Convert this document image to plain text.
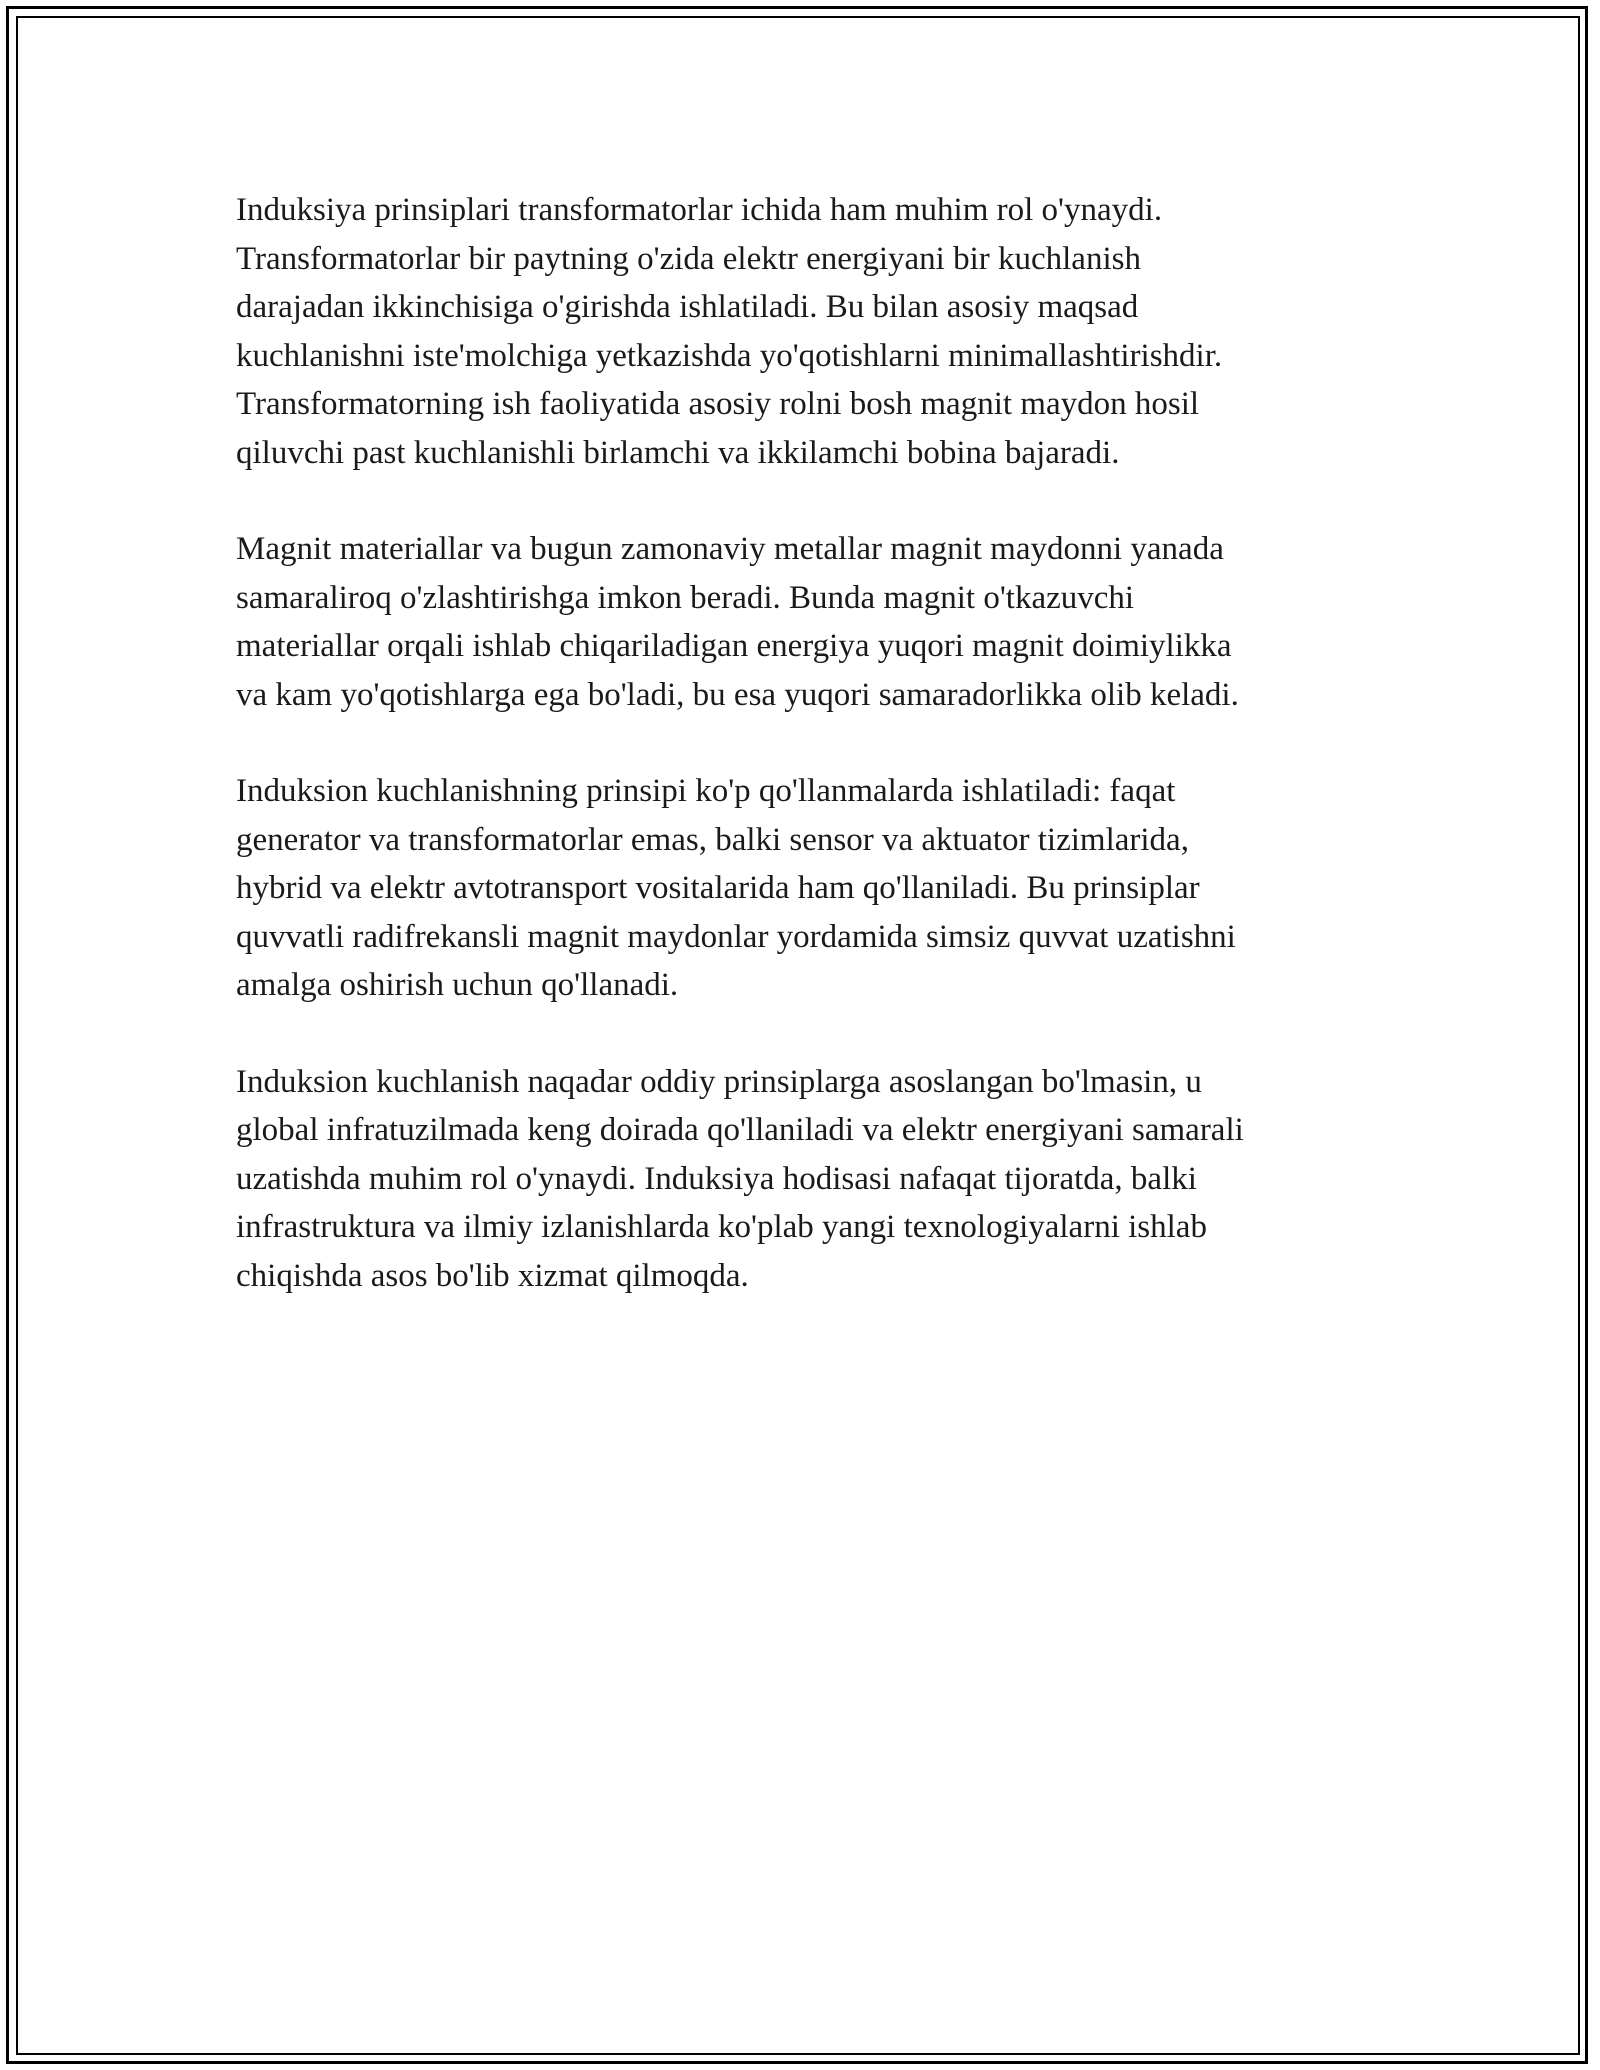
Induksiya prinsiplari transformatorlar ichida ham muhim rol o'ynaydi.
Transformatorlar bir paytning o'zida elektr energiyani bir kuchlanish
darajadan ikkinchisiga o'girishda ishlatiladi. Bu bilan asosiy maqsad
kuchlanishni iste'molchiga yetkazishda yo'qotishlarni minimallashtirishdir.
Transformatorning ish faoliyatida asosiy rolni bosh magnit maydon hosil
qiluvchi past kuchlanishli birlamchi va ikkilamchi bobina bajaradi.

Magnit materiallar va bugun zamonaviy metallar magnit maydonni yanada
samaraliroq o'zlashtirishga imkon beradi. Bunda magnit o'tkazuvchi
materiallar orqali ishlab chiqariladigan energiya yuqori magnit doimiylikka
va kam yo'qotishlarga ega bo'ladi, bu esa yuqori samaradorlikka olib keladi.

Induksion kuchlanishning prinsipi ko'p qo'llanmalarda ishlatiladi: faqat
generator va transformatorlar emas, balki sensor va aktuator tizimlarida,
hybrid va elektr avtotransport vositalarida ham qo'llaniladi. Bu prinsiplar
quvvatli radifrekansli magnit maydonlar yordamida simsiz quvvat uzatishni
amalga oshirish uchun qo'llanadi.

Induksion kuchlanish naqadar oddiy prinsiplarga asoslangan bo'lmasin, u
global infratuzilmada keng doirada qo'llaniladi va elektr energiyani samarali
uzatishda muhim rol o'ynaydi. Induksiya hodisasi nafaqat tijoratda, balki
infrastruktura va ilmiy izlanishlarda ko'plab yangi texnologiyalarni ishlab
chiqishda asos bo'lib xizmat qilmoqda.
